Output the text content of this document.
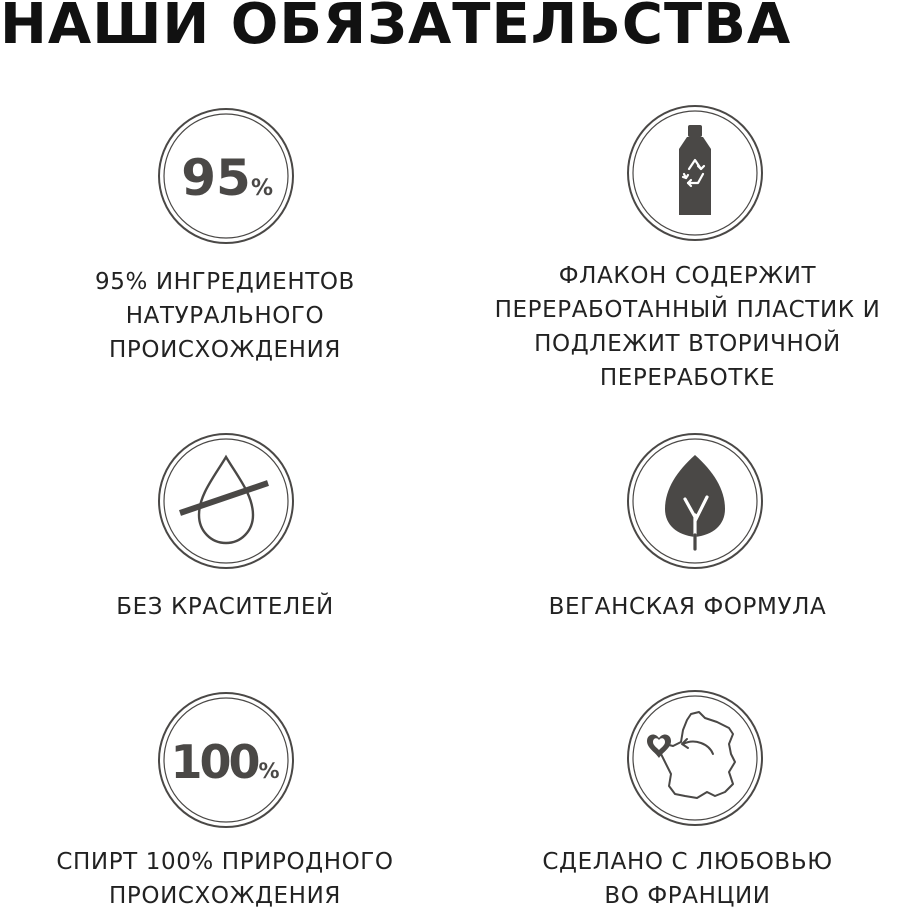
НАШИ ОБЯЗАТЕЛЬСТВА
95 %

95% ИНГРЕДИЕНТОВ
НАТУРАЛЬНОГО
ПРОИСХОЖДЕНИЯ

ФЛАКОН СОДЕРЖИТ
ПЕРЕРАБОТАННЫЙ ПЛАСТИК И
ПОДЛЕЖИТ ВТОРИЧНОЙ
ПЕРЕРАБОТКЕ

БЕЗ КРАСИТЕЛЕЙ	ВЕГАНСКАЯ ФОРМУЛА

100 %

СПИРТ 100% ПРИРОДНОГО
ПРОИСХОЖДЕНИЯ

СДЕЛАНО С ЛЮБОВЬЮ
ВО ФРАНЦИИ
